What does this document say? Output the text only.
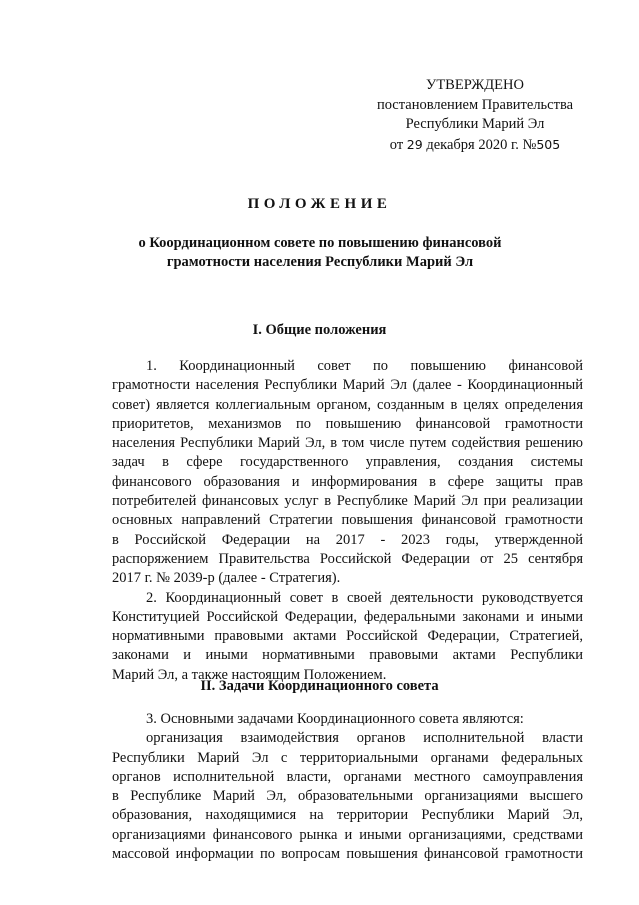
УТВЕРЖДЕНО
постановлением Правительства
Республики Марий Эл
от 29 декабря 2020 г. №505
ПОЛОЖЕНИЕ
о Координационном совете по повышению финансовой
грамотности населения Республики Марий Эл
I. Общие положения
1. Координационный совет по повышению финансовой
грамотности населения Республики Марий Эл (далее - Координационный
совет) является коллегиальным органом, созданным в целях определения
приоритетов, механизмов по повышению финансовой грамотности
населения Республики Марий Эл, в том числе путем содействия решению
задач в сфере государственного управления, создания системы
финансового образования и информирования в сфере защиты прав
потребителей финансовых услуг в Республике Марий Эл при реализации
основных направлений Стратегии повышения финансовой грамотности
в Российской Федерации на 2017 - 2023 годы, утвержденной
распоряжением Правительства Российской Федерации от 25 сентября
2017 г. № 2039-р (далее - Стратегия).
2. Координационный совет в своей деятельности руководствуется
Конституцией Российской Федерации, федеральными законами и иными
нормативными правовыми актами Российской Федерации, Стратегией,
законами и иными нормативными правовыми актами Республики
Марий Эл, а также настоящим Положением.
II. Задачи Координационного совета
3. Основными задачами Координационного совета являются:
организация взаимодействия органов исполнительной власти
Республики Марий Эл с территориальными органами федеральных
органов исполнительной власти, органами местного самоуправления
в Республике Марий Эл, образовательными организациями высшего
образования, находящимися на территории Республики Марий Эл,
организациями финансового рынка и иными организациями, средствами
массовой информации по вопросам повышения финансовой грамотности
